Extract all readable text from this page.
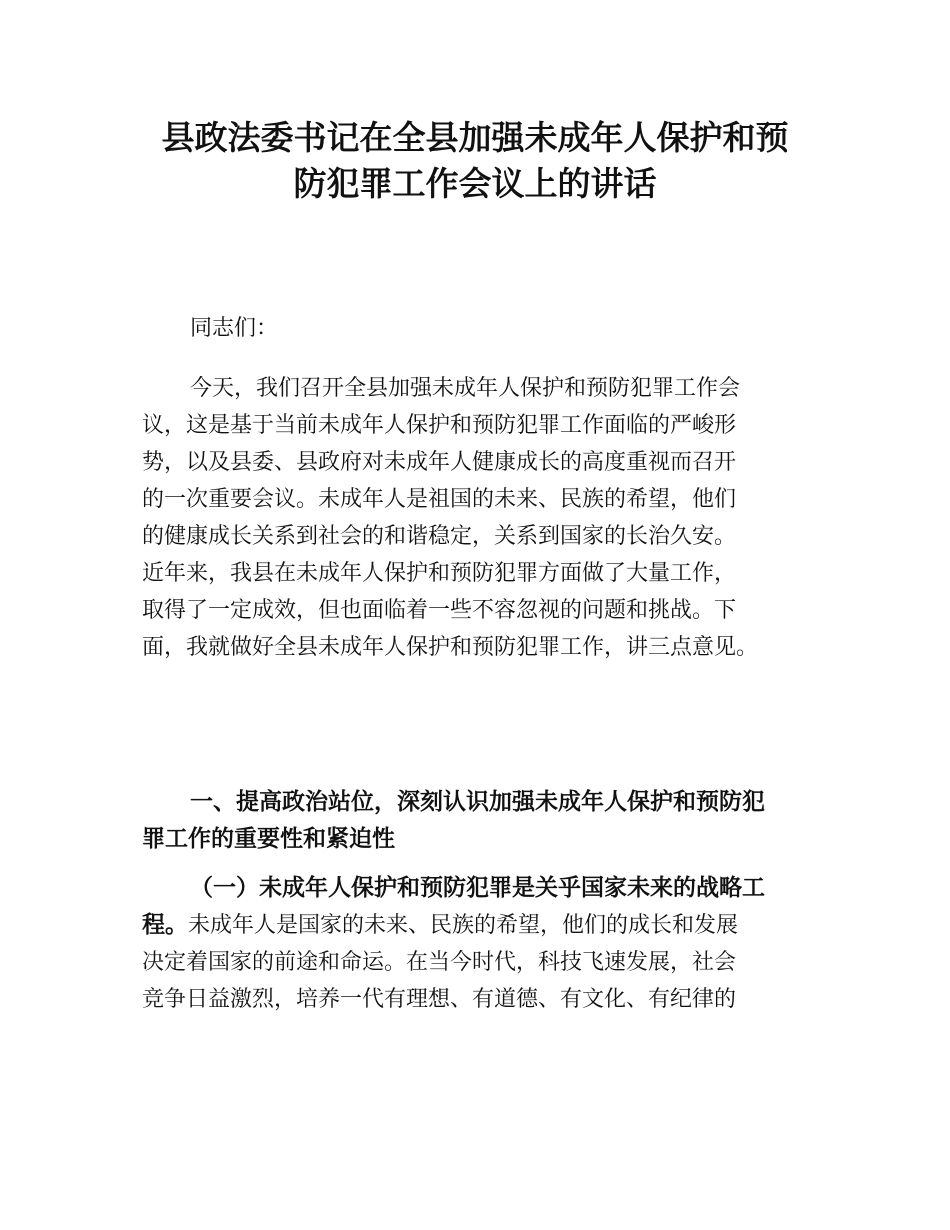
县政法委书记在全县加强未成年人保护和预
防犯罪工作会议上的讲话

同志们：

今天，我们召开全县加强未成年人保护和预防犯罪工作会
议，这是基于当前未成年人保护和预防犯罪工作面临的严峻形
势，以及县委、县政府对未成年人健康成长的高度重视而召开
的一次重要会议。未成年人是祖国的未来、民族的希望，他们
的健康成长关系到社会的和谐稳定，关系到国家的长治久安。
近年来，我县在未成年人保护和预防犯罪方面做了大量工作，
取得了一定成效，但也面临着一些不容忽视的问题和挑战。下
面，我就做好全县未成年人保护和预防犯罪工作，讲三点意见。
一、提高政治站位，深刻认识加强未成年人保护和预防犯
罪工作的重要性和紧迫性
（一）未成年人保护和预防犯罪是关乎国家未来的战略工
程。未成年人是国家的未来、民族的希望，他们的成长和发展
决定着国家的前途和命运。在当今时代，科技飞速发展，社会
竞争日益激烈，培养一代有理想、有道德、有文化、有纪律的
